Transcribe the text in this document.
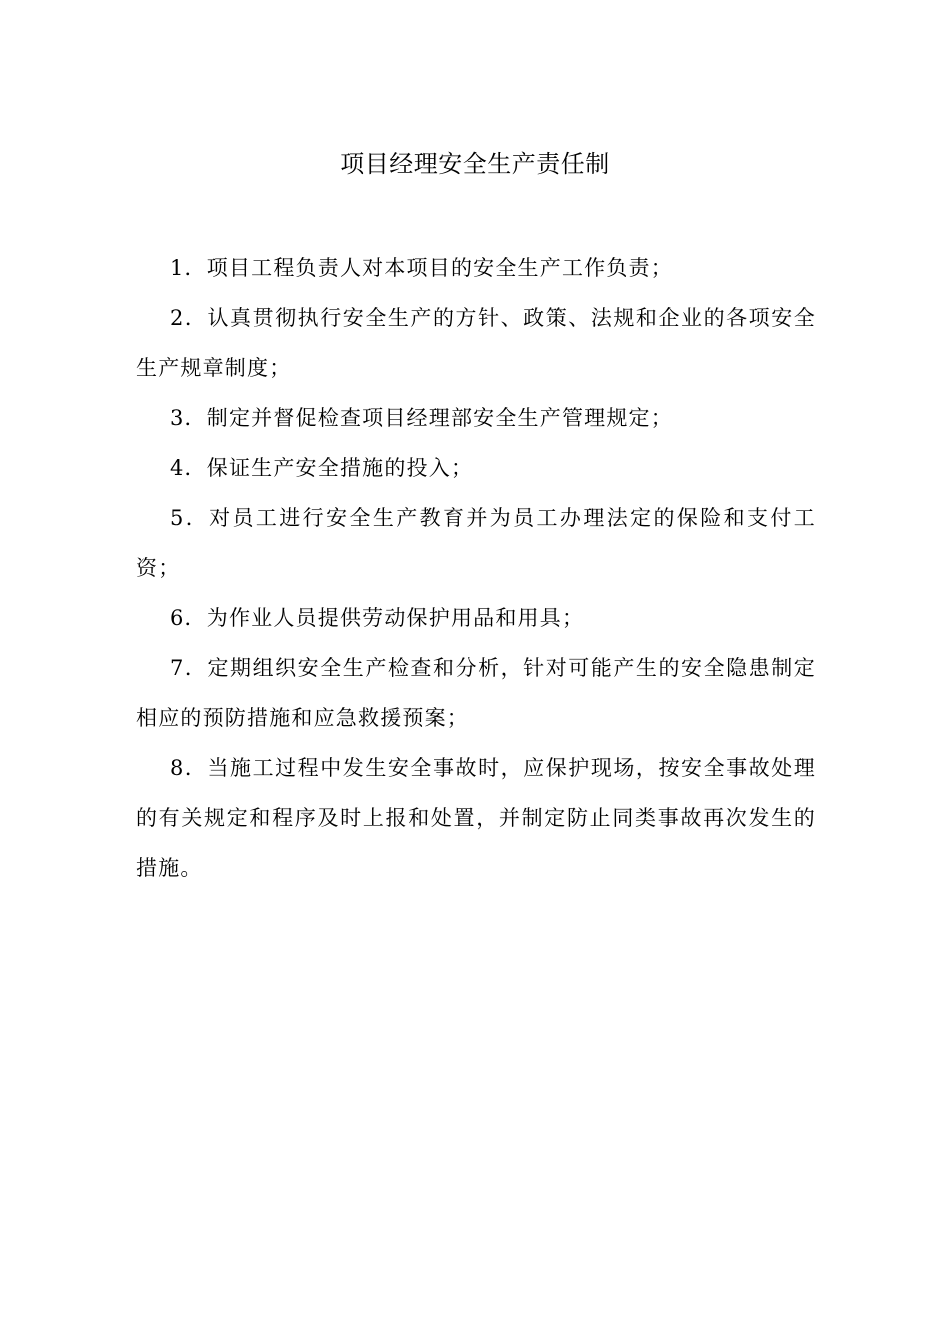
项目经理安全生产责任制

1．项目工程负责人对本项目的安全生产工作负责；

2．认真贯彻执行安全生产的方针、政策、法规和企业的各项安全生产规章制度；

3．制定并督促检查项目经理部安全生产管理规定；

4．保证生产安全措施的投入；

5．对员工进行安全生产教育并为员工办理法定的保险和支付工资；

6．为作业人员提供劳动保护用品和用具；

7．定期组织安全生产检查和分析，针对可能产生的安全隐患制定相应的预防措施和应急救援预案；

8．当施工过程中发生安全事故时，应保护现场，按安全事故处理的有关规定和程序及时上报和处置，并制定防止同类事故再次发生的措施。
